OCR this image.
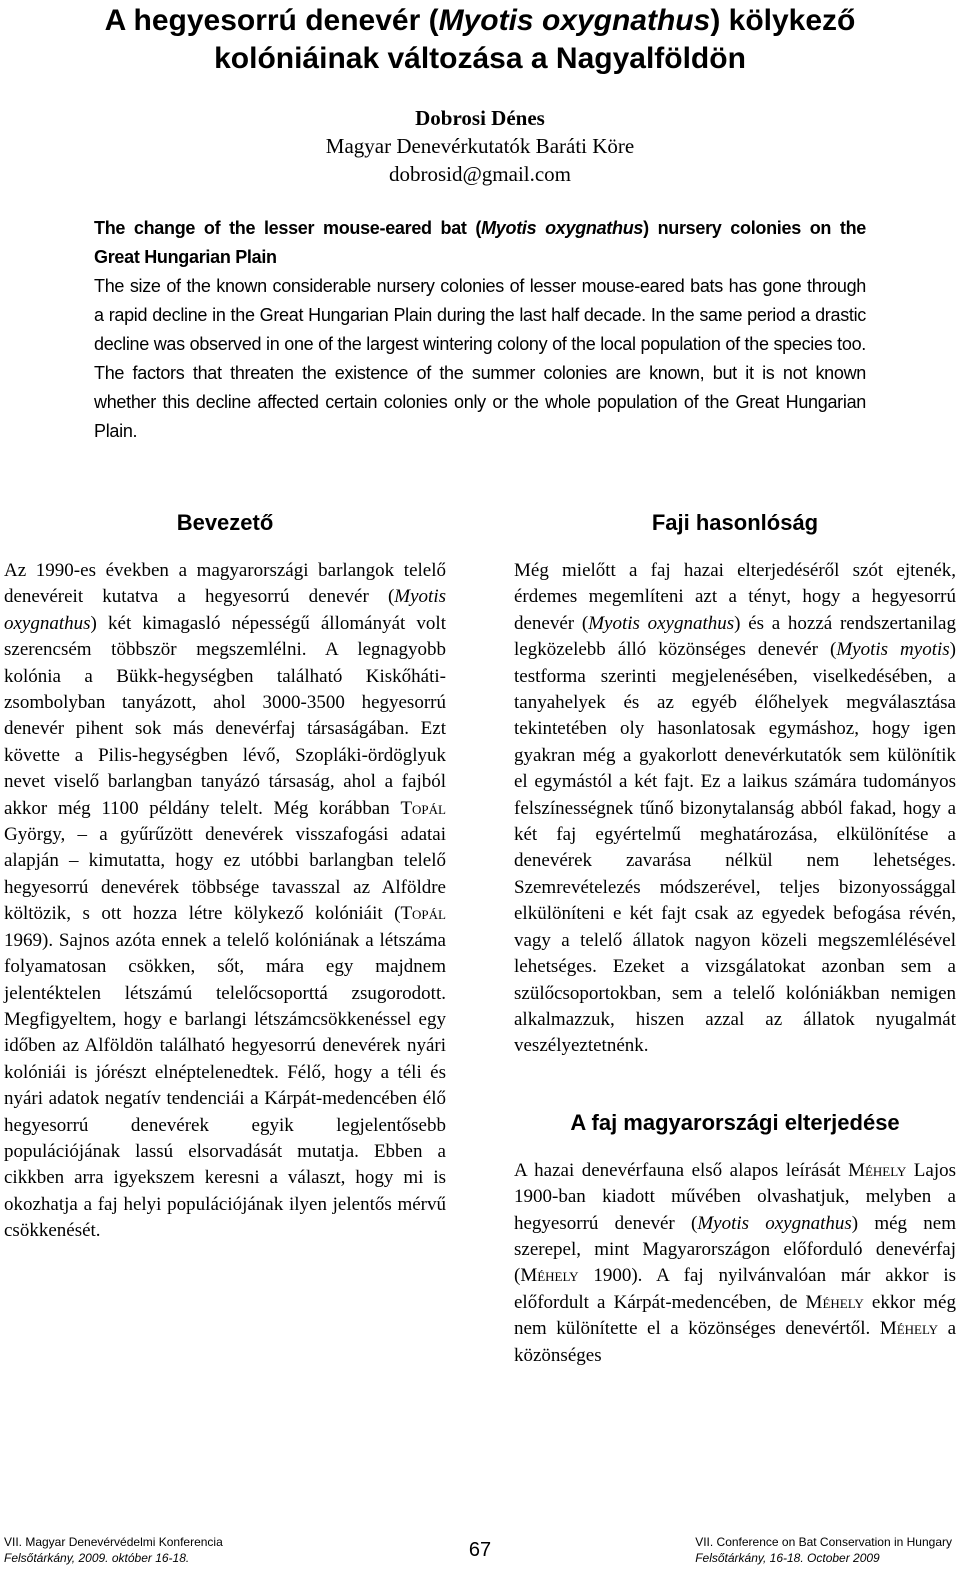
A hegyesorrú denevér (Myotis oxygnathus) kölykező kolóniáinak változása a Nagyalföldön
Dobrosi Dénes
Magyar Denevérkutatók Baráti Köre
dobrosid@gmail.com

The change of the lesser mouse-eared bat (Myotis oxygnathus) nursery colonies on the Great Hungarian Plain

The size of the known considerable nursery colonies of lesser mouse-eared bats has gone through a rapid decline in the Great Hungarian Plain during the last half decade. In the same period a drastic decline was observed in one of the largest wintering colony of the local population of the species too. The factors that threaten the existence of the summer colonies are known, but it is not known whether this decline affected certain colonies only or the whole population of the Great Hungarian Plain.

Bevezető

Az 1990-es években a magyarországi barlangok telelő denevéreit kutatva a hegyesorrú denevér (Myotis oxygnathus) két kimagasló népességű állományát volt szerencsém többször megszemlélni. A legnagyobb kolónia a Bükk-hegységben található Kiskőháti-zsombolyban tanyázott, ahol 3000-3500 hegyesorrú denevér pihent sok más denevérfaj társaságában. Ezt követte a Pilis-hegységben lévő, Szopláki-ördöglyuk nevet viselő barlangban tanyázó társaság, ahol a fajból akkor még 1100 példány telelt. Még korábban Topál György, – a gyűrűzött denevérek visszafogási adatai alapján – kimutatta, hogy ez utóbbi barlangban telelő hegyesorrú denevérek többsége tavasszal az Alföldre költözik, s ott hozza létre kölykező kolóniáit (Topál 1969). Sajnos azóta ennek a telelő kolóniának a létszáma folyamatosan csökken, sőt, mára egy majdnem jelentéktelen létszámú telelőcsoporttá zsugorodott. Megfigyeltem, hogy e barlangi létszámcsökkenéssel egy időben az Alföldön található hegyesorrú denevérek nyári kolóniái is jórészt elnéptelenedtek. Félő, hogy a téli és nyári adatok negatív tendenciái a Kárpát-medencében élő hegyesorrú denevérek egyik legjelentősebb populációjának lassú elsorvadását mutatja. Ebben a cikkben arra igyekszem keresni a választ, hogy mi is okozhatja a faj helyi populációjának ilyen jelentős mérvű csökkenését.

Faji hasonlóság

Még mielőtt a faj hazai elterjedéséről szót ejtenék, érdemes megemlíteni azt a tényt, hogy a hegyesorrú denevér (Myotis oxygnathus) és a hozzá rendszertanilag legközelebb álló közönséges denevér (Myotis myotis) testforma szerinti megjelenésében, viselkedésében, a tanyahelyek és az egyéb élőhelyek megválasztása tekintetében oly hasonlatosak egymáshoz, hogy igen gyakran még a gyakorlott denevérkutatók sem különítik el egymástól a két fajt. Ez a laikus számára tudományos felszínességnek tűnő bizonytalanság abból fakad, hogy a két faj egyértelmű meghatározása, elkülönítése a denevérek zavarása nélkül nem lehetséges. Szemrevételezés módszerével, teljes bizonyossággal elkülöníteni e két fajt csak az egyedek befogása révén, vagy a telelő állatok nagyon közeli megszemlélésével lehetséges. Ezeket a vizsgálatokat azonban sem a szülőcsoportokban, sem a telelő kolóniákban nemigen alkalmazzuk, hiszen azzal az állatok nyugalmát veszélyeztetnénk.

A faj magyarországi elterjedése

A hazai denevérfauna első alapos leírását Méhely Lajos 1900-ban kiadott művében olvashatjuk, melyben a hegyesorrú denevér (Myotis oxygnathus) még nem szerepel, mint Magyarországon előforduló denevérfaj (Méhely 1900). A faj nyilvánvalóan már akkor is előfordult a Kárpát-medencében, de Méhely ekkor még nem különítette el a közönséges denevértől. Méhely a közönséges

VII. Magyar Denevérvédelmi Konferencia
Felsőtárkány, 2009. október 16-18.	67	VII. Conference on Bat Conservation in Hungary
Felsőtárkány, 16-18. October 2009
